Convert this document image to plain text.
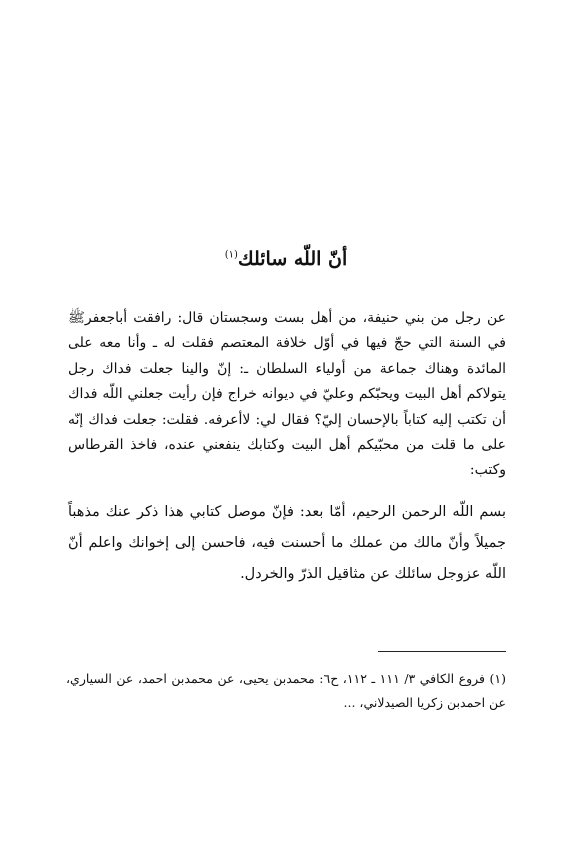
أنّ اللّه سائلك$^{(١)}$

عن رجل من بني حنيفة، من أهل بست وسجستان قال: رافقت أباجعفرﷺ في السنة التي حجّ فيها في أوّل خلافة المعتصم فقلت له ـ وأنا معه على المائدة وهناك جماعة من أولياء السلطان ـ: إنّ والينا جعلت فداك رجل يتولاكم أهل البيت ويحبّكم وعليّ في ديوانه خراج فإن رأيت جعلني اللّه فداك أن تكتب إليه كتاباً بالإحسان إليّ؟ فقال لي: لاأعرفه. فقلت: جعلت فداك إنّه على ما قلت من محبّيكم أهل البيت وكتابك ينفعني عنده، فاخذ القرطاس وكتب:

بسم اللّه الرحمن الرحيم، أمّا بعد: فإنّ موصل كتابي هذا ذكر عنك مذهباً جميلاً وأنّ مالك من عملك ما أحسنت فيه، فاحسن إلى إخوانك واعلم أنّ اللّه عزوجل سائلك عن مثاقيل الذرّ والخردل.

(١) فروع الكافي ٣/ ١١١ ـ ١١٢، ح٦: محمدبن يحيى، عن محمدبن احمد، عن السياري، عن احمدبن زكريا الصيدلاني، ...
